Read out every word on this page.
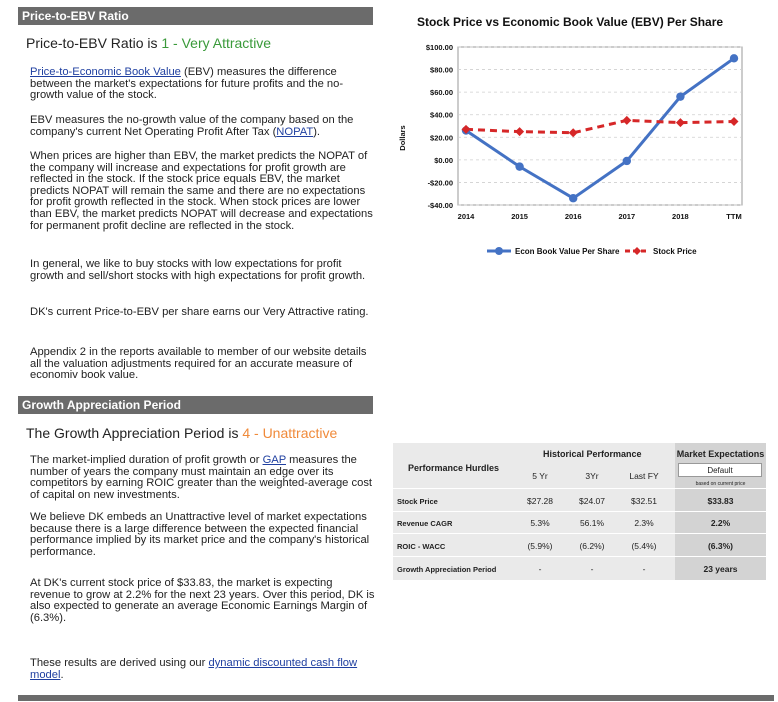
Price-to-EBV Ratio
Price-to-EBV Ratio is 1 - Very Attractive

Price-to-Economic Book Value (EBV) measures the difference between the market's expectations for future profits and the no-growth value of the stock.

EBV measures the no-growth value of the company based on the company's current Net Operating Profit After Tax (NOPAT).

When prices are higher than EBV, the market predicts the NOPAT of the company will increase and expectations for profit growth are reflected in the stock. If the stock price equals EBV, the market predicts NOPAT will remain the same and there are no expectations for profit growth reflected in the stock. When stock prices are lower than EBV, the market predicts NOPAT will decrease and expectations for permanent profit decline are reflected in the stock.

In general, we like to buy stocks with low expectations for profit growth and sell/short stocks with high expectations for profit growth.

DK's current Price-to-EBV per share earns our Very Attractive rating.

Appendix 2 in the reports available to member of our website details all the valuation adjustments required for an accurate measure of economiv book value.

Stock Price vs Economic Book Value (EBV) Per Share
Dollars
$100.00
$80.00
$60.00
$40.00
$20.00
$0.00
-$20.00
-$40.00
2014	2015	2016	2017	2018	TTM
Econ Book Value Per Share	Stock Price
Growth Appreciation Period
The Growth Appreciation Period is 4 - Unattractive

The market-implied duration of profit growth or GAP measures the number of years the company must maintain an edge over its competitors by earning ROIC greater than the weighted-average cost of capital on new investments.

We believe DK embeds an Unattractive level of market expectations because there is a large difference between the expected financial performance implied by its market price and the company's historical performance.

At DK's current stock price of $33.83, the market is expecting revenue to grow at 2.2% for the next 23 years. Over this period, DK is also expected to generate an average Economic Earnings Margin of (6.3%).

These results are derived using our dynamic discounted cash flow model.

Performance Hurdles
Historical Performance	Market Expectations
5 Yr	3Yr	Last FY
Default
based on current price
Stock Price	$27.28	$24.07	$32.51	$33.83
Revenue CAGR	5.3%	56.1%	2.3%	2.2%
ROIC - WACC	(5.9%)	(6.2%)	(5.4%)	(6.3%)
Growth Appreciation Period	-	-	-	23 years
